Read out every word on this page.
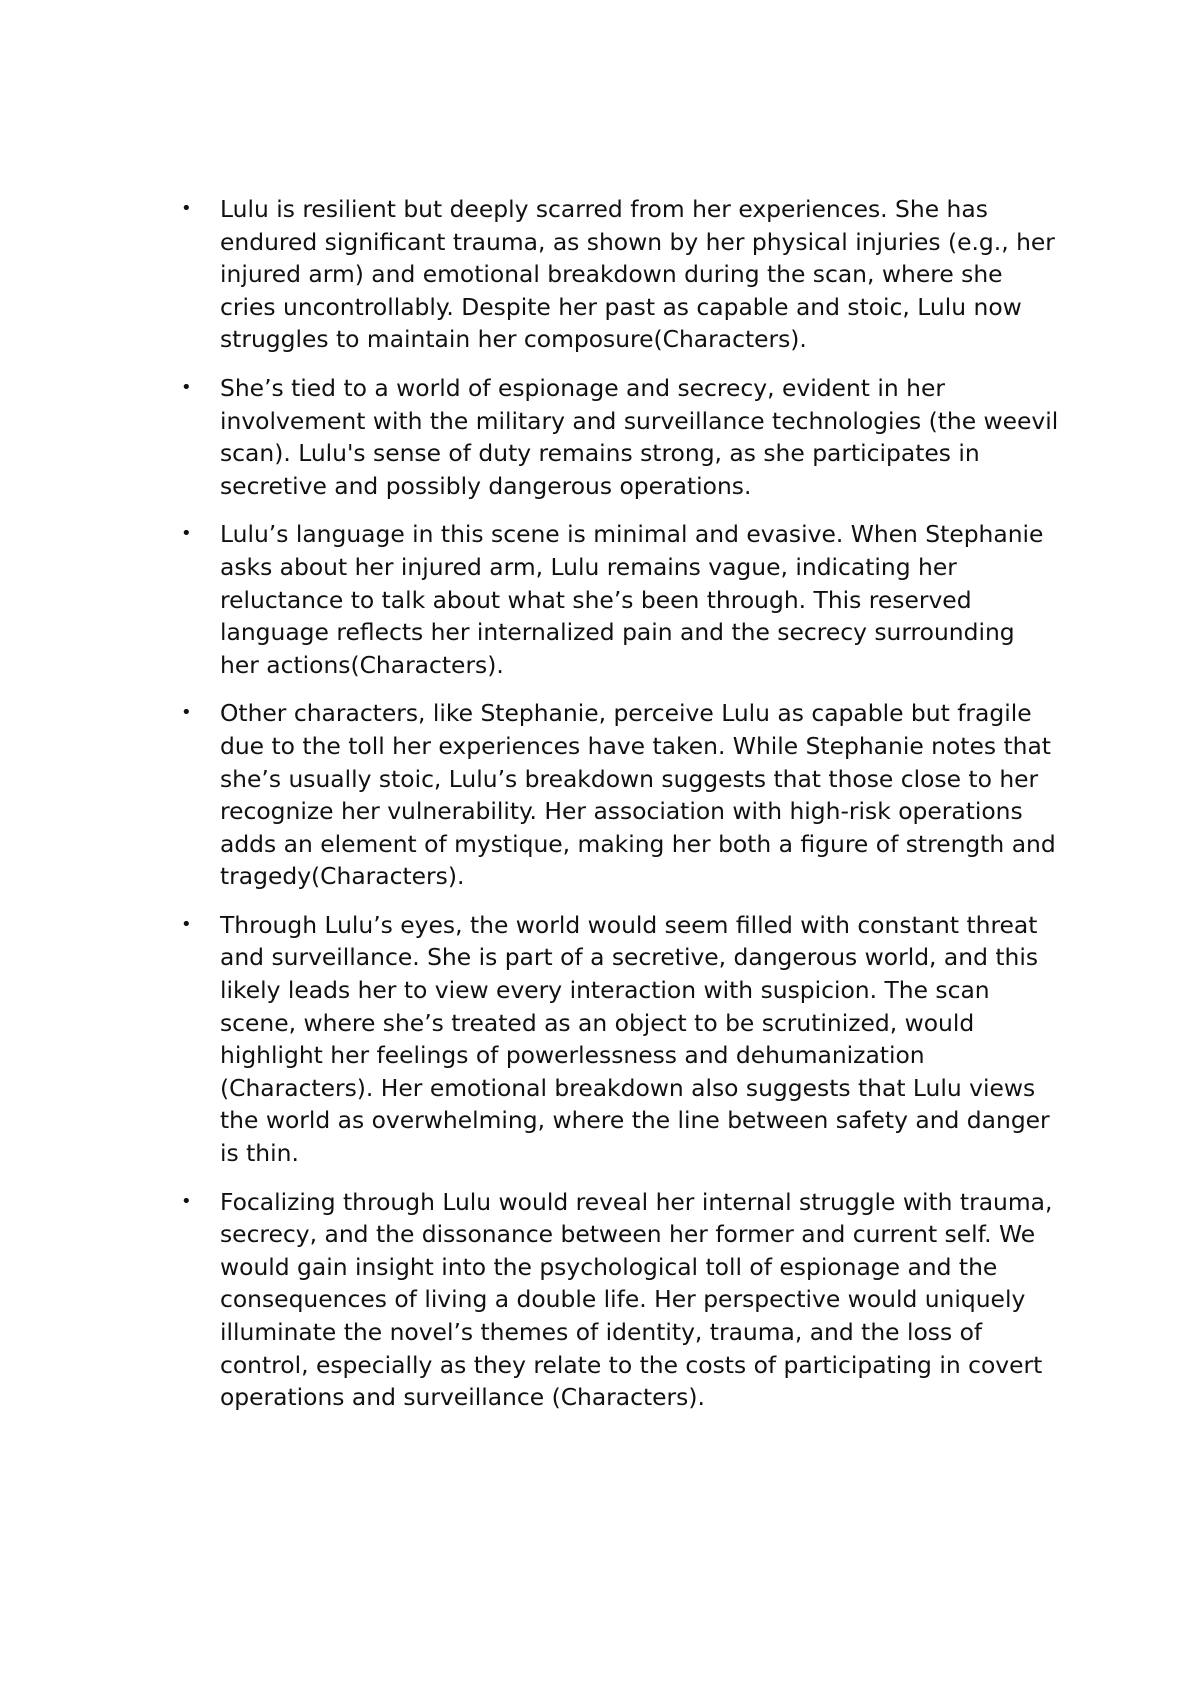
•	Lulu is resilient but deeply scarred from her experiences. She has endured significant trauma, as shown by her physical injuries (e.g., her injured arm) and emotional breakdown during the scan, where she cries uncontrollably. Despite her past as capable and stoic, Lulu now struggles to maintain her composure(Characters).
•	She’s tied to a world of espionage and secrecy, evident in her involvement with the military and surveillance technologies (the weevil scan). Lulu's sense of duty remains strong, as she participates in secretive and possibly dangerous operations.
•	Lulu’s language in this scene is minimal and evasive. When Stephanie asks about her injured arm, Lulu remains vague, indicating her reluctance to talk about what she’s been through. This reserved language reflects her internalized pain and the secrecy surrounding her actions(Characters).
•	Other characters, like Stephanie, perceive Lulu as capable but fragile due to the toll her experiences have taken. While Stephanie notes that she’s usually stoic, Lulu’s breakdown suggests that those close to her recognize her vulnerability. Her association with high-risk operations adds an element of mystique, making her both a figure of strength and tragedy(Characters).
•	Through Lulu’s eyes, the world would seem filled with constant threat and surveillance. She is part of a secretive, dangerous world, and this likely leads her to view every interaction with suspicion. The scan scene, where she’s treated as an object to be scrutinized, would highlight her feelings of powerlessness and dehumanization (Characters). Her emotional breakdown also suggests that Lulu views the world as overwhelming, where the line between safety and danger is thin.
•	Focalizing through Lulu would reveal her internal struggle with trauma, secrecy, and the dissonance between her former and current self. We would gain insight into the psychological toll of espionage and the consequences of living a double life. Her perspective would uniquely illuminate the novel’s themes of identity, trauma, and the loss of control, especially as they relate to the costs of participating in covert operations and surveillance (Characters).
